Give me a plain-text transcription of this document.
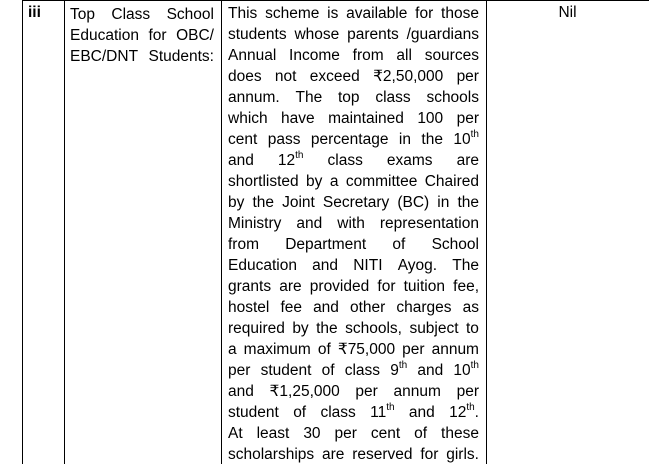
iii	Top Class School
Education for OBC/
EBC/DNT Students:
This scheme is available for those
students whose parents /guardians
Annual Income from all sources
does not exceed ₹2,50,000 per
annum. The top class schools
which have maintained 100 per
cent pass percentage in the 10th
and 12th class exams are
shortlisted by a committee Chaired
by the Joint Secretary (BC) in the
Ministry and with representation
from Department of School
Education and NITI Ayog. The
grants are provided for tuition fee,
hostel fee and other charges as
required by the schools, subject to
a maximum of ₹75,000 per annum
per student of class 9th and 10th
and ₹1,25,000 per annum per
student of class 11th and 12th.
At least 30 per cent of these
scholarships are reserved for girls.
Nil
